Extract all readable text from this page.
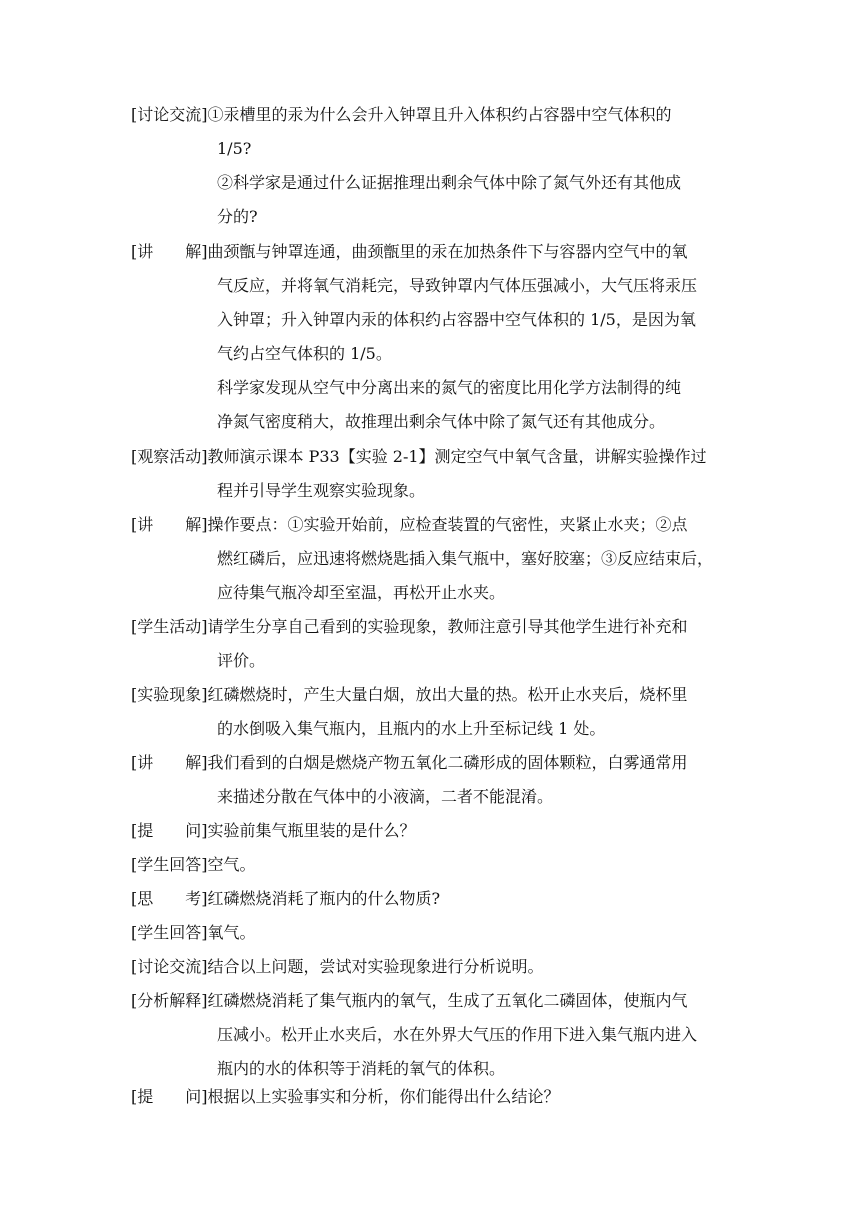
[讨论交流]①汞槽里的汞为什么会升入钟罩且升入体积约占容器中空气体积的
1/5?
②科学家是通过什么证据推理出剩余气体中除了氮气外还有其他成
分的?
[讲　　解]曲颈甑与钟罩连通，曲颈甑里的汞在加热条件下与容器内空气中的氧
气反应，并将氧气消耗完，导致钟罩内气体压强减小，大气压将汞压
入钟罩；升入钟罩内汞的体积约占容器中空气体积的 1/5，是因为氧
气约占空气体积的 1/5。
科学家发现从空气中分离出来的氮气的密度比用化学方法制得的纯
净氮气密度稍大，故推理出剩余气体中除了氮气还有其他成分。
[观察活动]教师演示课本 P33【实验 2-1】测定空气中氧气含量，讲解实验操作过
程并引导学生观察实验现象。
[讲　　解]操作要点：①实验开始前，应检查装置的气密性，夹紧止水夹；②点
燃红磷后，应迅速将燃烧匙插入集气瓶中，塞好胶塞；③反应结束后，
应待集气瓶冷却至室温，再松开止水夹。
[学生活动]请学生分享自己看到的实验现象，教师注意引导其他学生进行补充和
评价。
[实验现象]红磷燃烧时，产生大量白烟，放出大量的热。松开止水夹后，烧杯里
的水倒吸入集气瓶内，且瓶内的水上升至标记线 1 处。
[讲　　解]我们看到的白烟是燃烧产物五氧化二磷形成的固体颗粒，白雾通常用
来描述分散在气体中的小液滴，二者不能混淆。
[提　　问]实验前集气瓶里装的是什么？
[学生回答]空气。
[思　　考]红磷燃烧消耗了瓶内的什么物质?
[学生回答]氧气。
[讨论交流]结合以上问题，尝试对实验现象进行分析说明。
[分析解释]红磷燃烧消耗了集气瓶内的氧气，生成了五氧化二磷固体，使瓶内气
压减小。松开止水夹后，水在外界大气压的作用下进入集气瓶内进入
瓶内的水的体积等于消耗的氧气的体积。
[提　　问]根据以上实验事实和分析，你们能得出什么结论？
